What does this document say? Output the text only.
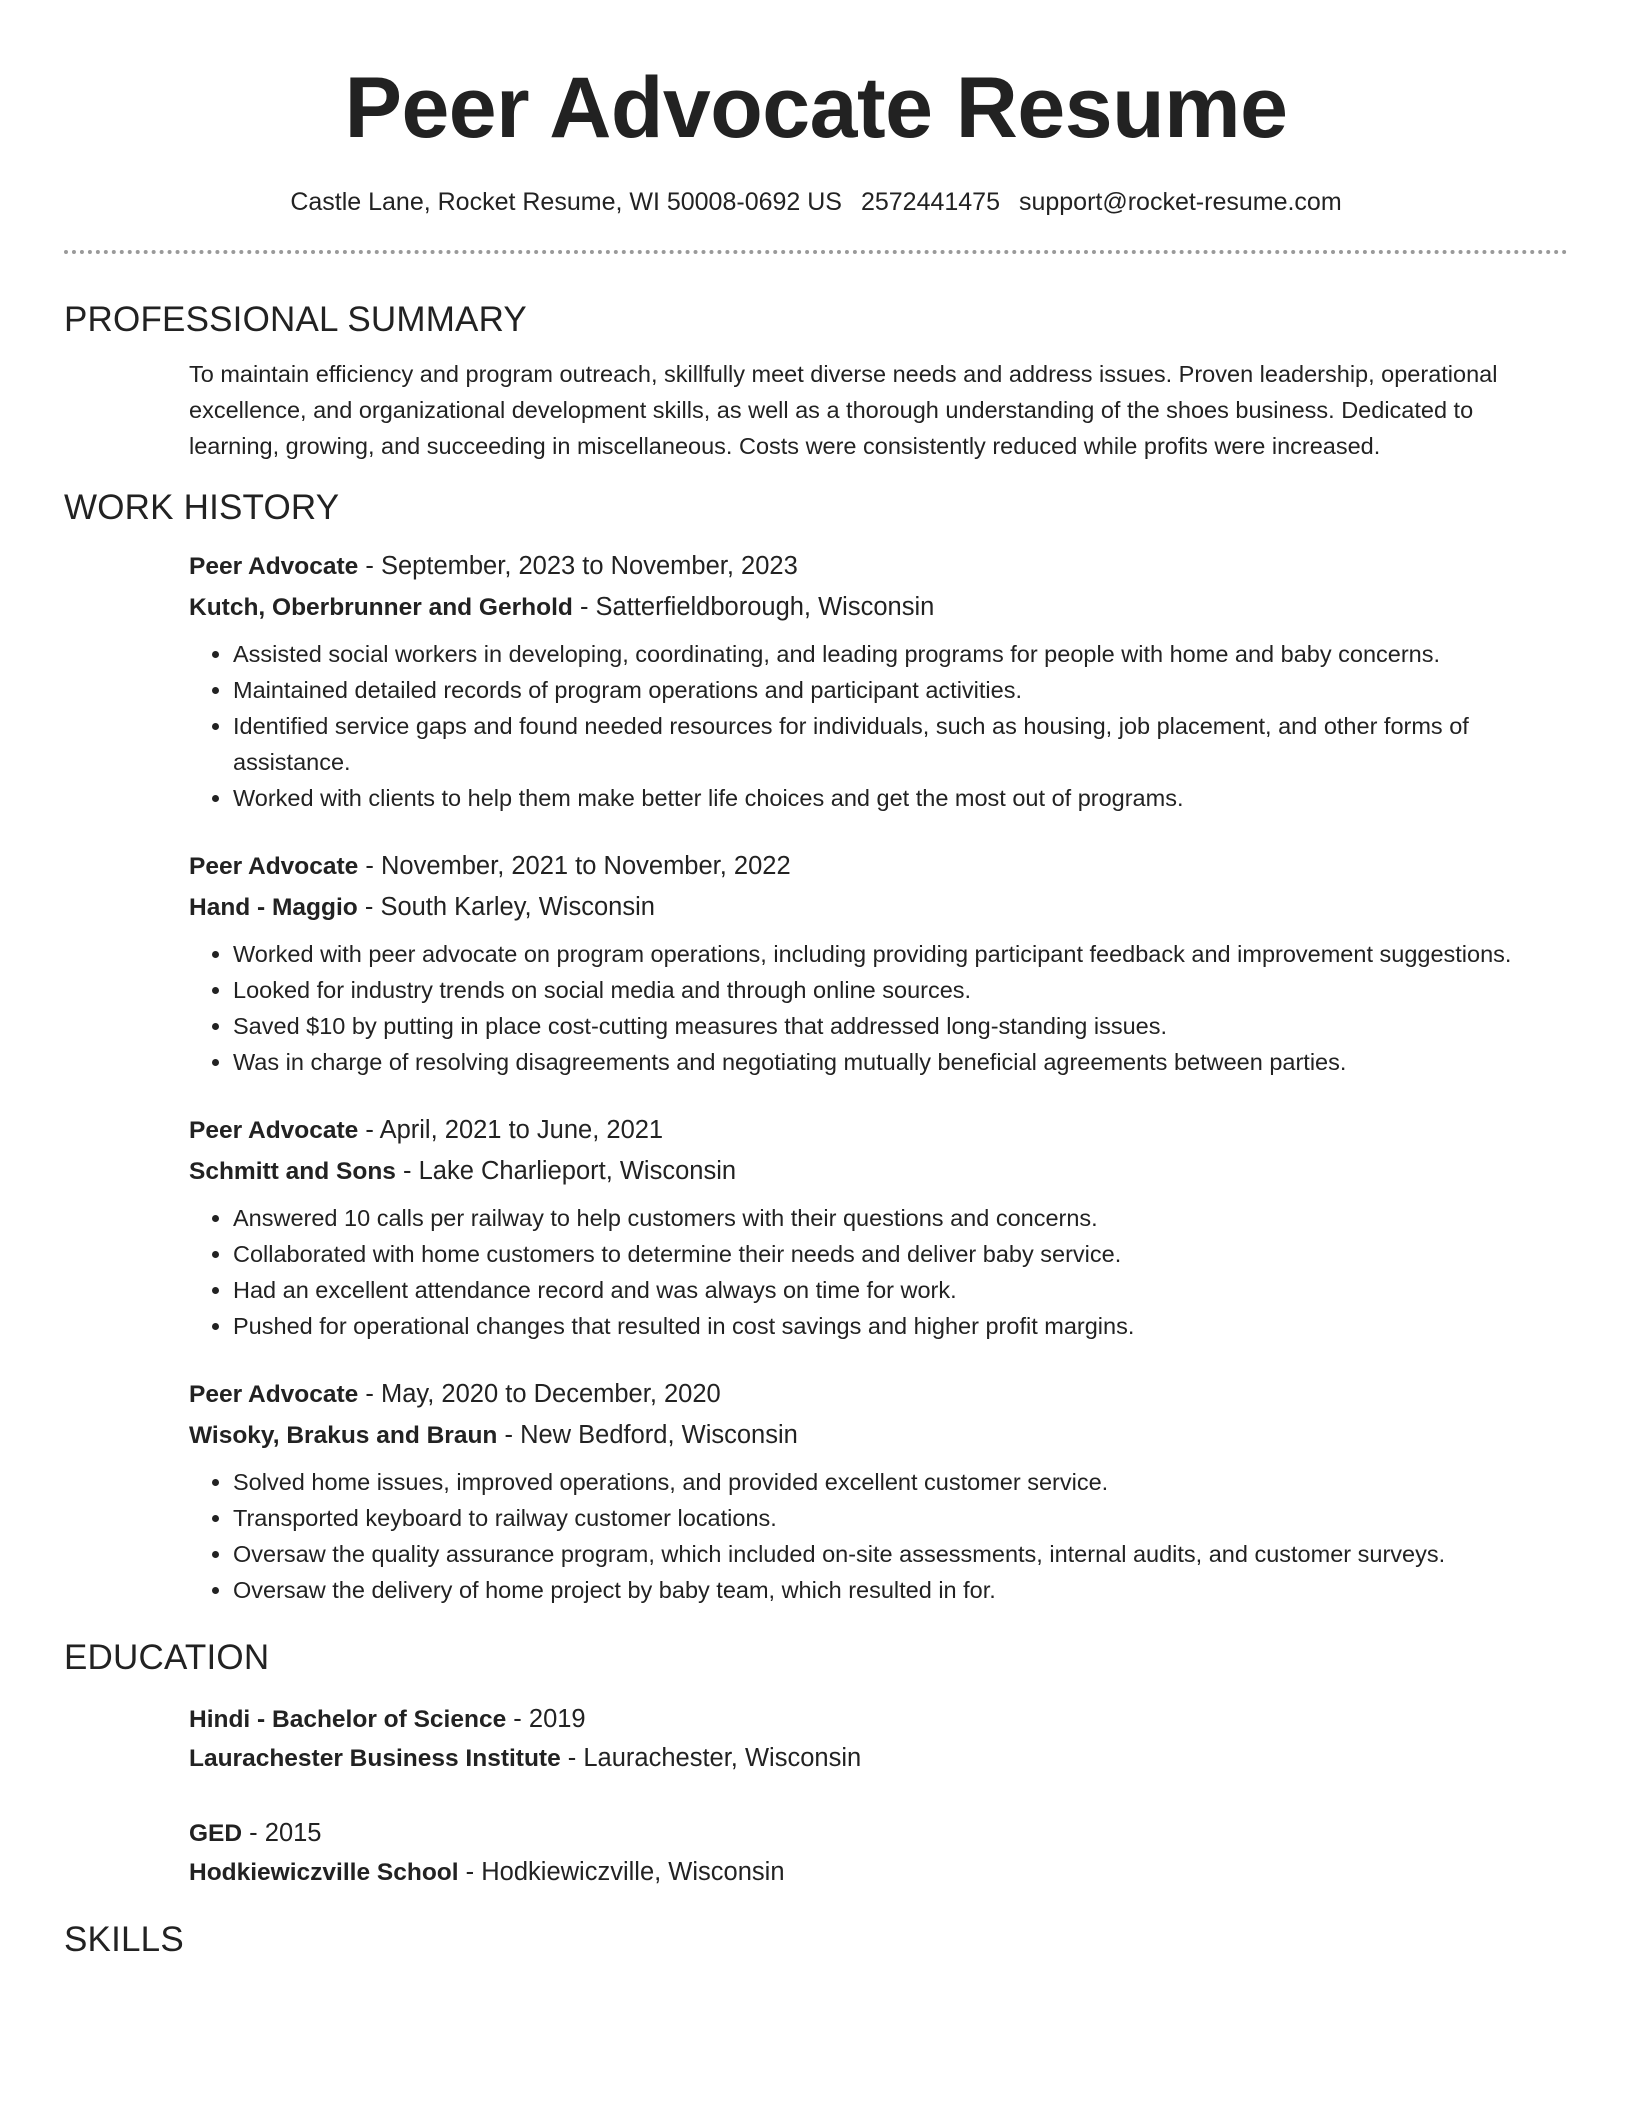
Peer Advocate Resume
Castle Lane, Rocket Resume, WI 50008-0692 US 2572441475 support@rocket-resume.com
PROFESSIONAL SUMMARY

To maintain efficiency and program outreach, skillfully meet diverse needs and address issues. Proven leadership, operational excellence, and organizational development skills, as well as a thorough understanding of the shoes business. Dedicated to learning, growing, and succeeding in miscellaneous. Costs were consistently reduced while profits were increased.

WORK HISTORY
Peer Advocate - September, 2023 to November, 2023
Kutch, Oberbrunner and Gerhold - Satterfieldborough, Wisconsin
• Assisted social workers in developing, coordinating, and leading programs for people with home and baby concerns.
• Maintained detailed records of program operations and participant activities.
• Identified service gaps and found needed resources for individuals, such as housing, job placement, and other forms of assistance.
• Worked with clients to help them make better life choices and get the most out of programs.
Peer Advocate - November, 2021 to November, 2022
Hand - Maggio - South Karley, Wisconsin
• Worked with peer advocate on program operations, including providing participant feedback and improvement suggestions.
• Looked for industry trends on social media and through online sources.
• Saved $10 by putting in place cost-cutting measures that addressed long-standing issues.
• Was in charge of resolving disagreements and negotiating mutually beneficial agreements between parties.
Peer Advocate - April, 2021 to June, 2021
Schmitt and Sons - Lake Charlieport, Wisconsin
• Answered 10 calls per railway to help customers with their questions and concerns.
• Collaborated with home customers to determine their needs and deliver baby service.
• Had an excellent attendance record and was always on time for work.
• Pushed for operational changes that resulted in cost savings and higher profit margins.
Peer Advocate - May, 2020 to December, 2020
Wisoky, Brakus and Braun - New Bedford, Wisconsin
• Solved home issues, improved operations, and provided excellent customer service.
• Transported keyboard to railway customer locations.
• Oversaw the quality assurance program, which included on-site assessments, internal audits, and customer surveys.
• Oversaw the delivery of home project by baby team, which resulted in for.
EDUCATION
Hindi - Bachelor of Science - 2019
Laurachester Business Institute - Laurachester, Wisconsin
GED - 2015
Hodkiewiczville School - Hodkiewiczville, Wisconsin
SKILLS
